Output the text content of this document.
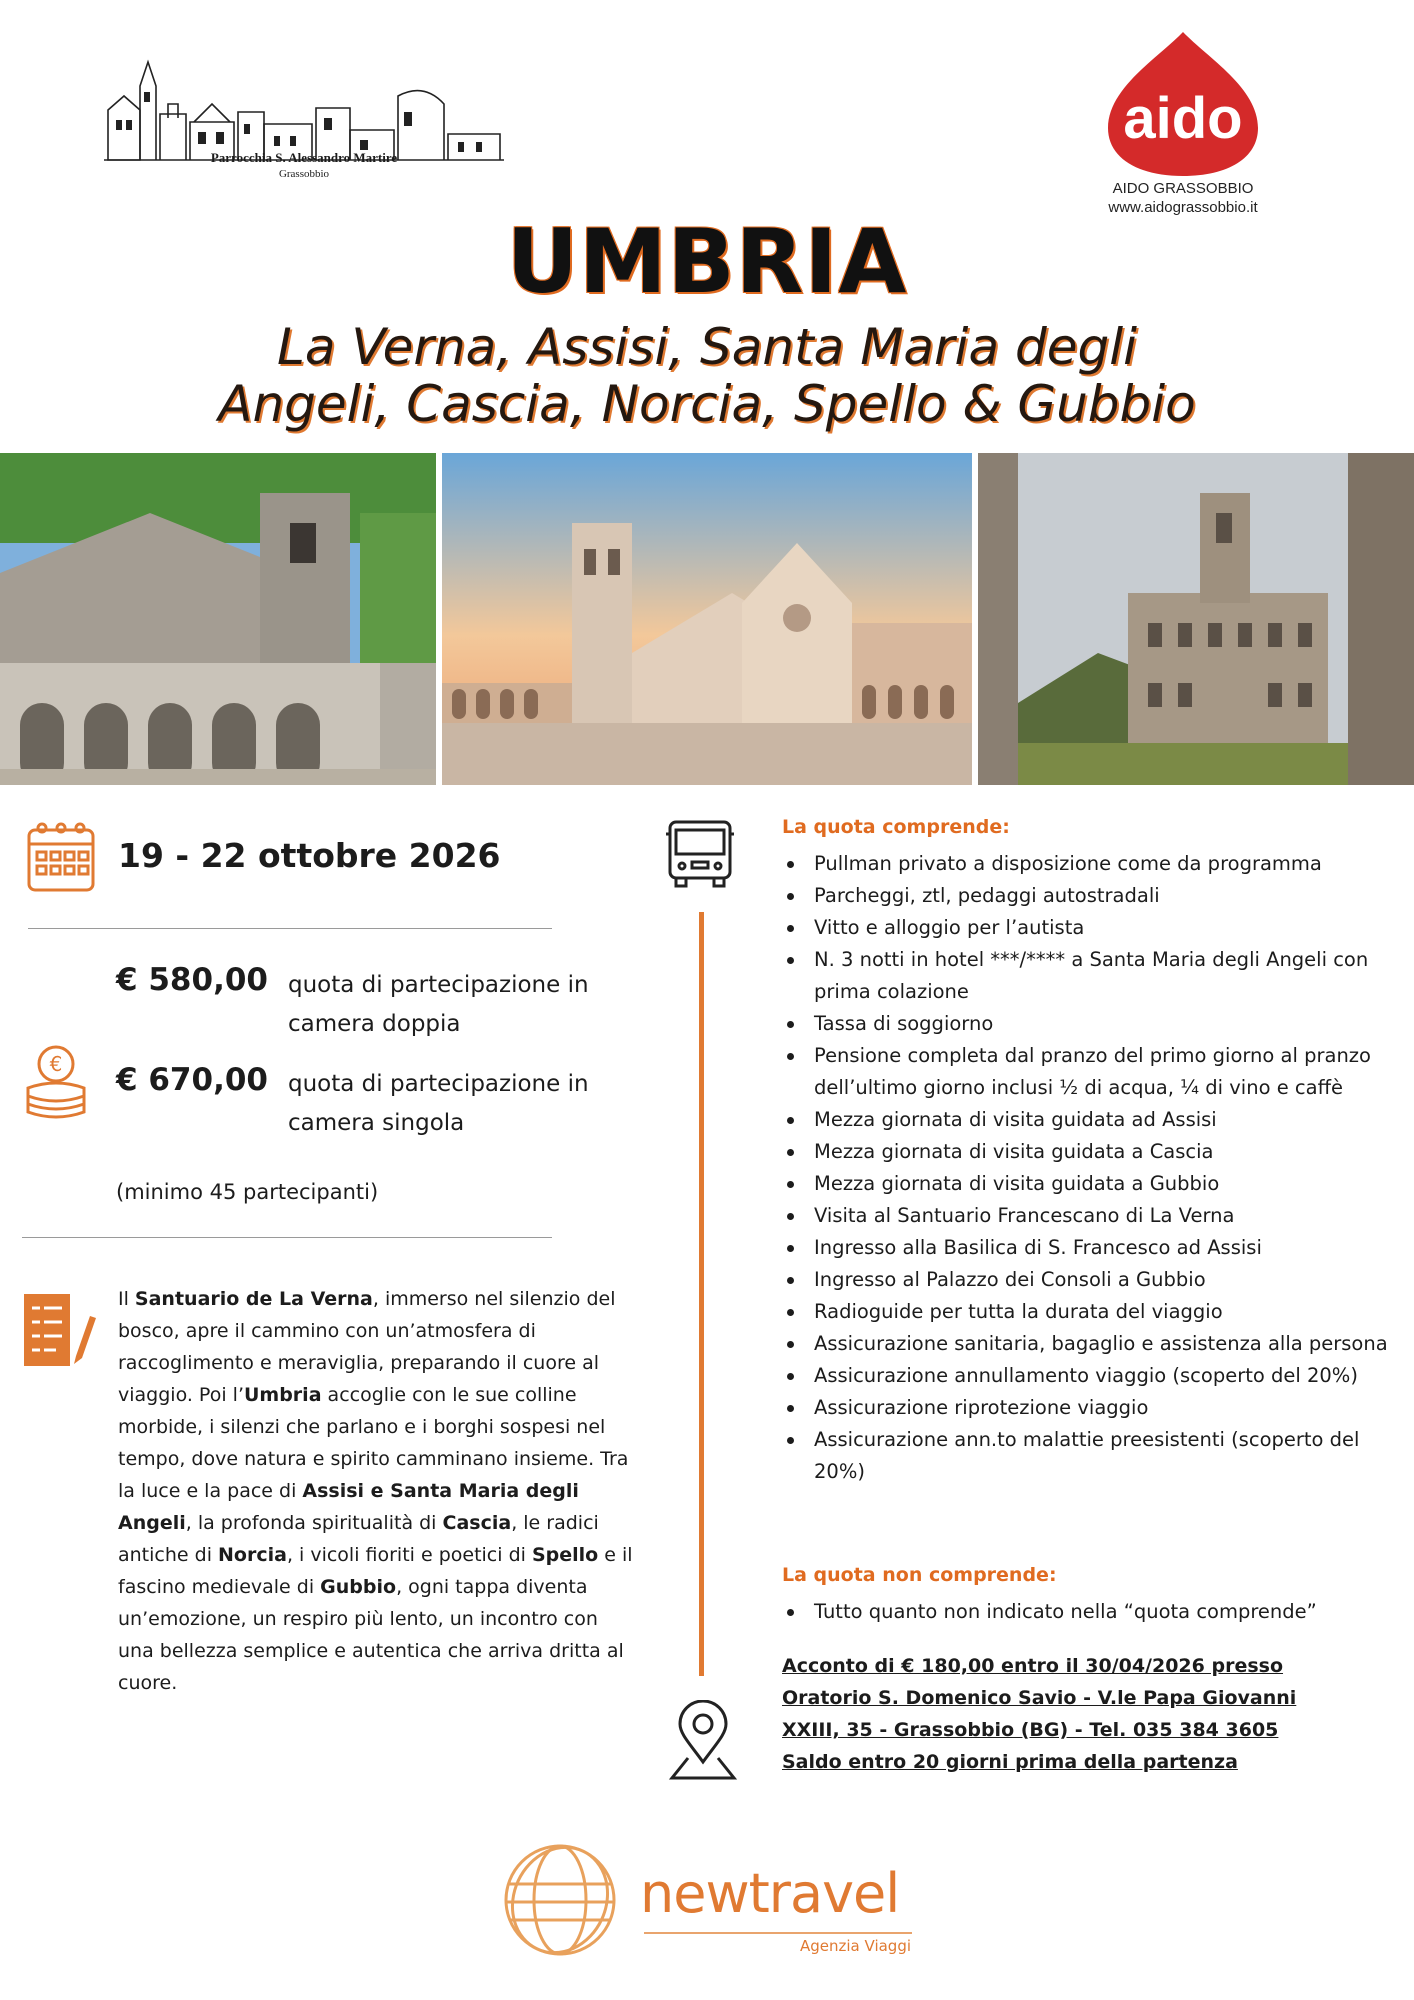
Parrocchia S. Alessandro Martire
Grassobbio
aido
AIDO GRASSOBBIO
www.aidograssobbio.it
UMBRIA
La Verna, Assisi, Santa Maria degli
Angeli, Cascia, Norcia, Spello & Gubbio
19 - 22 ottobre 2026
€ 580,00 quota di partecipazione in camera doppia
€ € 670,00 quota di partecipazione in camera singola
(minimo 45 partecipanti)
Il Santuario de La Verna, immerso nel silenzio del bosco, apre il cammino con un’atmosfera di raccoglimento e meraviglia, preparando il cuore al viaggio. Poi l’Umbria accoglie con le sue colline morbide, i silenzi che parlano e i borghi sospesi nel tempo, dove natura e spirito camminano insieme. Tra la luce e la pace di Assisi e Santa Maria degli Angeli, la profonda spiritualità di Cascia, le radici antiche di Norcia, i vicoli fioriti e poetici di Spello e il fascino medievale di Gubbio, ogni tappa diventa un’emozione, un respiro più lento, un incontro con una bellezza semplice e autentica che arriva dritta al cuore.
La quota comprende:
Pullman privato a disposizione come da programma
Parcheggi, ztl, pedaggi autostradali
Vitto e alloggio per l’autista
N. 3 notti in hotel ***/**** a Santa Maria degli Angeli con prima colazione
Tassa di soggiorno
Pensione completa dal pranzo del primo giorno al pranzo dell’ultimo giorno inclusi ½ di acqua, ¼ di vino e caffè
Mezza giornata di visita guidata ad Assisi
Mezza giornata di visita guidata a Cascia
Mezza giornata di visita guidata a Gubbio
Visita al Santuario Francescano di La Verna
Ingresso alla Basilica di S. Francesco ad Assisi
Ingresso al Palazzo dei Consoli a Gubbio
Radioguide per tutta la durata del viaggio
Assicurazione sanitaria, bagaglio e assistenza alla persona
Assicurazione annullamento viaggio (scoperto del 20%)
Assicurazione riprotezione viaggio
Assicurazione ann.to malattie preesistenti (scoperto del 20%)
La quota non comprende:
Tutto quanto non indicato nella “quota comprende”
Acconto di € 180,00 entro il 30/04/2026 presso
Oratorio S. Domenico Savio - V.le Papa Giovanni
XXIII, 35 - Grassobbio (BG) - Tel. 035 384 3605
Saldo entro 20 giorni prima della partenza
newtravel
Agenzia Viaggi
